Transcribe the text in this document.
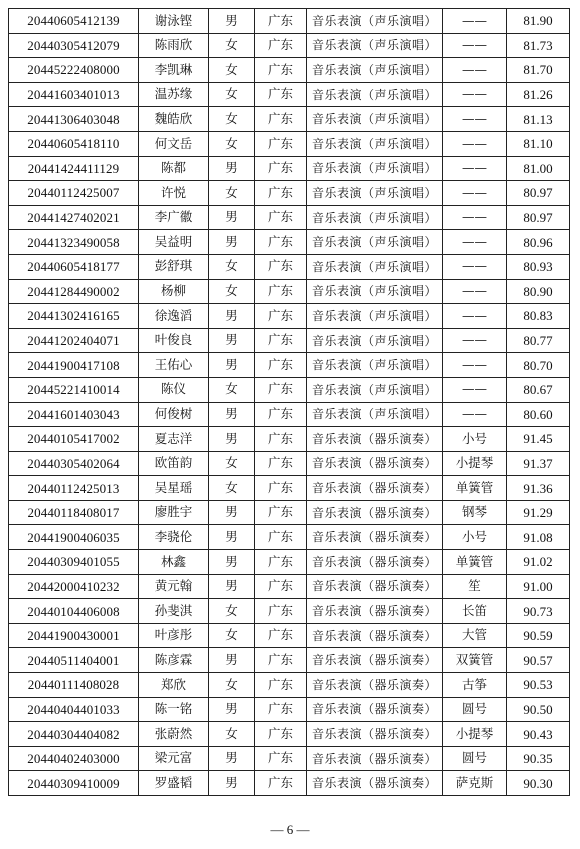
20440605412139	谢泳铿	男	广东	音乐表演（声乐演唱）	——	81.90
20440305412079	陈雨欣	女	广东	音乐表演（声乐演唱）	——	81.73
20445222408000	李凯琳	女	广东	音乐表演（声乐演唱）	——	81.70
20441603401013	温苏缘	女	广东	音乐表演（声乐演唱）	——	81.26
20441306403048	魏皓欣	女	广东	音乐表演（声乐演唱）	——	81.13
20440605418110	何文岳	女	广东	音乐表演（声乐演唱）	——	81.10
20441424411129	陈都	男	广东	音乐表演（声乐演唱）	——	81.00
20440112425007	许悦	女	广东	音乐表演（声乐演唱）	——	80.97
20441427402021	李广徽	男	广东	音乐表演（声乐演唱）	——	80.97
20441323490058	吴益明	男	广东	音乐表演（声乐演唱）	——	80.96
20440605418177	彭舒琪	女	广东	音乐表演（声乐演唱）	——	80.93
20441284490002	杨柳	女	广东	音乐表演（声乐演唱）	——	80.90
20441302416165	徐逸滔	男	广东	音乐表演（声乐演唱）	——	80.83
20441202404071	叶俊良	男	广东	音乐表演（声乐演唱）	——	80.77
20441900417108	王佑心	男	广东	音乐表演（声乐演唱）	——	80.70
20445221410014	陈仪	女	广东	音乐表演（声乐演唱）	——	80.67
20441601403043	何俊树	男	广东	音乐表演（声乐演唱）	——	80.60
20440105417002	夏志洋	男	广东	音乐表演（器乐演奏）	小号	91.45
20440305402064	欧笛韵	女	广东	音乐表演（器乐演奏）	小提琴	91.37
20440112425013	吴星瑶	女	广东	音乐表演（器乐演奏）	单簧管	91.36
20440118408017	廖胜宇	男	广东	音乐表演（器乐演奏）	钢琴	91.29
20441900406035	李骁伦	男	广东	音乐表演（器乐演奏）	小号	91.08
20440309401055	林鑫	男	广东	音乐表演（器乐演奏）	单簧管	91.02
20442000410232	黄元翰	男	广东	音乐表演（器乐演奏）	笙	91.00
20440104406008	孙斐淇	女	广东	音乐表演（器乐演奏）	长笛	90.73
20441900430001	叶彦彤	女	广东	音乐表演（器乐演奏）	大管	90.59
20440511404001	陈彦霖	男	广东	音乐表演（器乐演奏）	双簧管	90.57
20440111408028	郑欣	女	广东	音乐表演（器乐演奏）	古筝	90.53
20440404401033	陈一铭	男	广东	音乐表演（器乐演奏）	圆号	90.50
20440304404082	张蔚然	女	广东	音乐表演（器乐演奏）	小提琴	90.43
20440402403000	梁元富	男	广东	音乐表演（器乐演奏）	圆号	90.35
20440309410009	罗盛韬	男	广东	音乐表演（器乐演奏）	萨克斯	90.30
— 6 —
